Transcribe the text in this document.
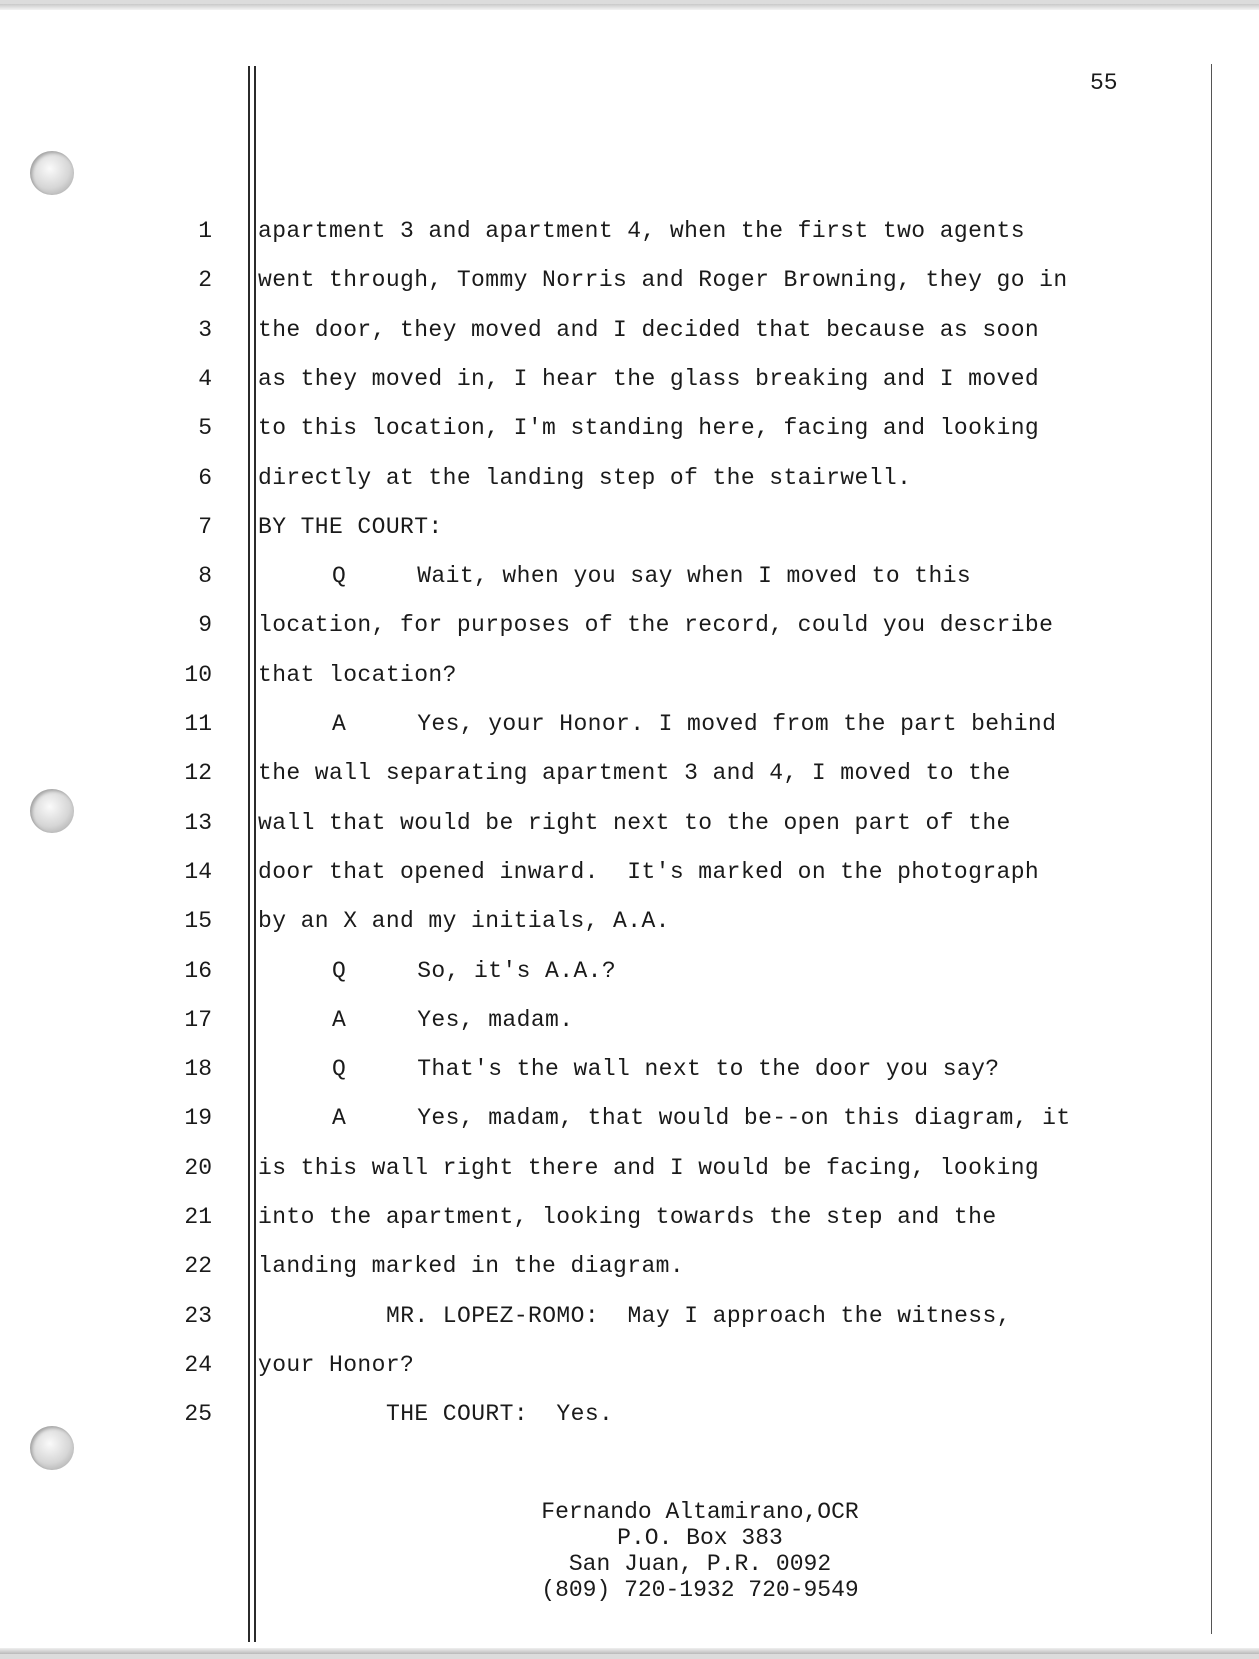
55
1 apartment 3 and apartment 4, when the first two agents
2 went through, Tommy Norris and Roger Browning, they go in
3 the door, they moved and I decided that because as soon
4 as they moved in, I hear the glass breaking and I moved
5 to this location, I'm standing here, facing and looking
6 directly at the landing step of the stairwell.
7 BY THE COURT:
8	Q     Wait, when you say when I moved to this
9 location, for purposes of the record, could you describe
10 that location?
11	A     Yes, your Honor. I moved from the part behind
12 the wall separating apartment 3 and 4, I moved to the
13 wall that would be right next to the open part of the
14 door that opened inward.  It's marked on the photograph
15 by an X and my initials, A.A.
16	Q     So, it's A.A.?
17	A     Yes, madam.
18	Q     That's the wall next to the door you say?
19	A     Yes, madam, that would be--on this diagram, it
20 is this wall right there and I would be facing, looking
21 into the apartment, looking towards the step and the
22 landing marked in the diagram.
23	MR. LOPEZ-ROMO:  May I approach the witness,
24 your Honor?
25	THE COURT:  Yes.
Fernando Altamirano,OCR
P.O. Box 383
San Juan, P.R. 0092
(809) 720-1932 720-9549
